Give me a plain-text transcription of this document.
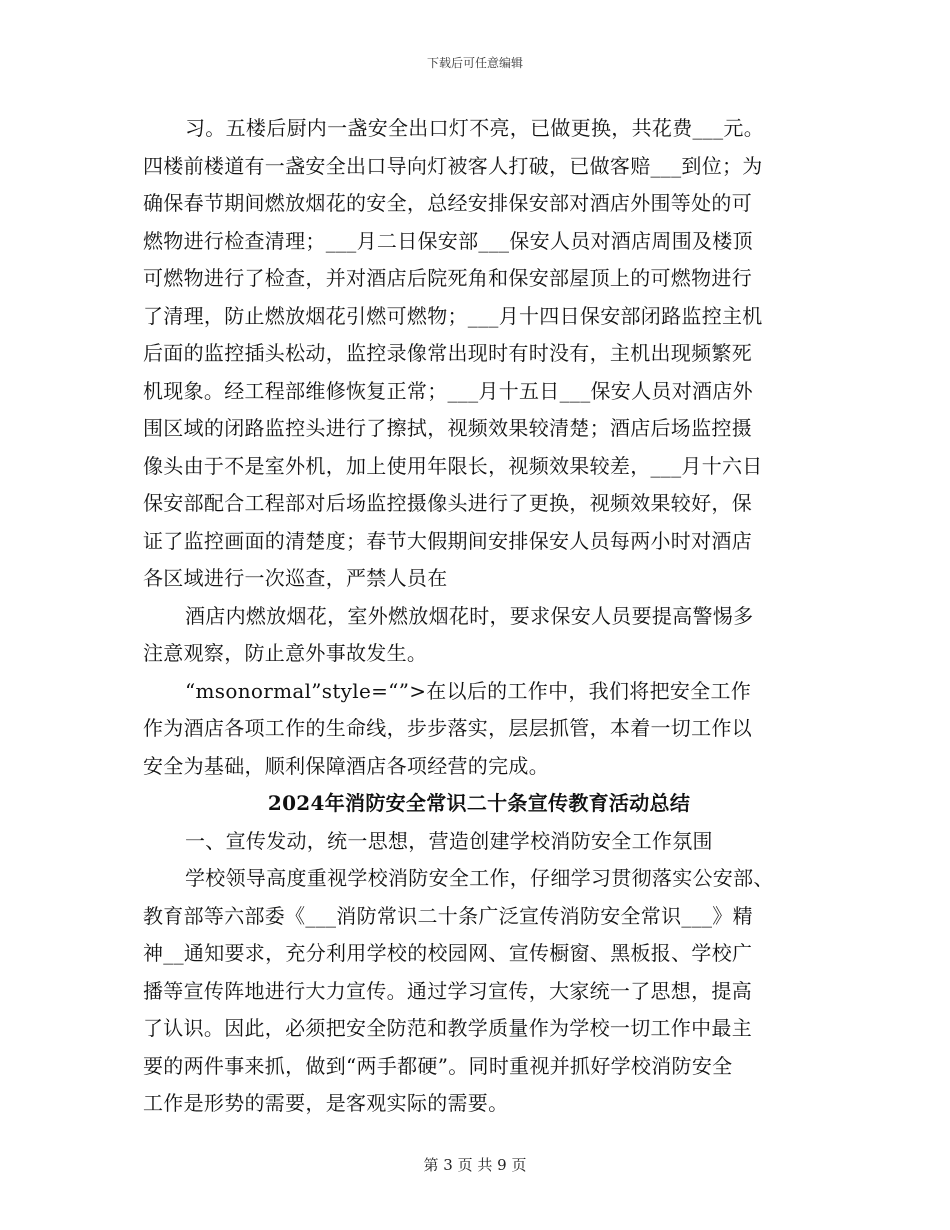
下载后可任意编辑
习。五楼后厨内一盏安全出口灯不亮，已做更换，共花费___元。
四楼前楼道有一盏安全出口导向灯被客人打破，已做客赔___到位；为
确保春节期间燃放烟花的安全，总经安排保安部对酒店外围等处的可
燃物进行检查清理；___月二日保安部___保安人员对酒店周围及楼顶
可燃物进行了检查，并对酒店后院死角和保安部屋顶上的可燃物进行
了清理，防止燃放烟花引燃可燃物；___月十四日保安部闭路监控主机
后面的监控插头松动，监控录像常出现时有时没有，主机出现频繁死
机现象。经工程部维修恢复正常；___月十五日___保安人员对酒店外
围区域的闭路监控头进行了擦拭，视频效果较清楚；酒店后场监控摄
像头由于不是室外机，加上使用年限长，视频效果较差，___月十六日
保安部配合工程部对后场监控摄像头进行了更换，视频效果较好，保
证了监控画面的清楚度；春节大假期间安排保安人员每两小时对酒店
各区域进行一次巡查，严禁人员在
酒店内燃放烟花，室外燃放烟花时，要求保安人员要提高警惕多
注意观察，防止意外事故发生。
“msonormal”style=“”>在以后的工作中，我们将把安全工作
作为酒店各项工作的生命线，步步落实，层层抓管，本着一切工作以
安全为基础，顺利保障酒店各项经营的完成。
2024年消防安全常识二十条宣传教育活动总结
一、宣传发动，统一思想，营造创建学校消防安全工作氛围
学校领导高度重视学校消防安全工作，仔细学习贯彻落实公安部、
教育部等六部委《___消防常识二十条广泛宣传消防安全常识___》精
神__通知要求，充分利用学校的校园网、宣传橱窗、黑板报、学校广
播等宣传阵地进行大力宣传。通过学习宣传，大家统一了思想，提高
了认识。因此，必须把安全防范和教学质量作为学校一切工作中最主
要的两件事来抓，做到“两手都硬”。同时重视并抓好学校消防安全
工作是形势的需要，是客观实际的需要。
第 3 页 共 9 页
